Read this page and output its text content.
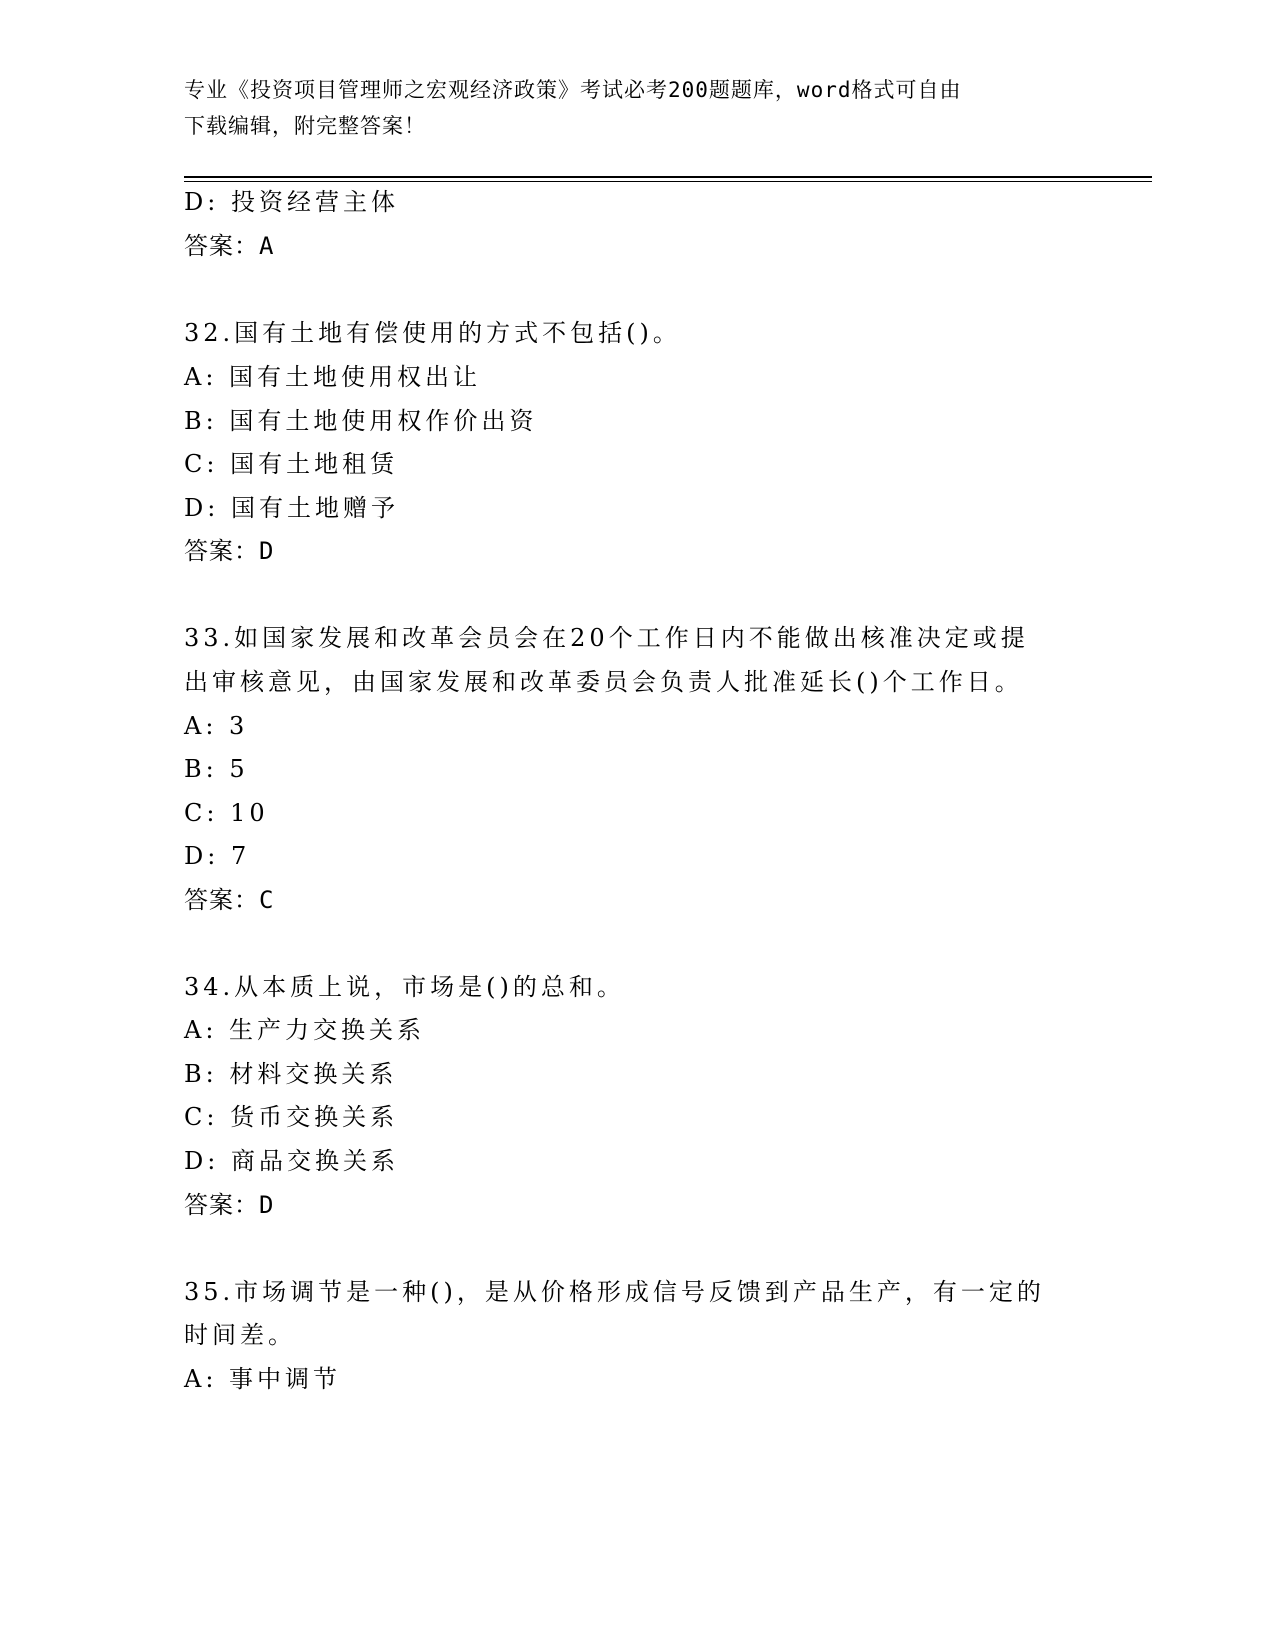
专业《投资项目管理师之宏观经济政策》考试必考200题题库，word格式可自由
下载编辑，附完整答案！
D: 投资经营主体
答案：A
32.国有土地有偿使用的方式不包括()。
A: 国有土地使用权出让
B: 国有土地使用权作价出资
C: 国有土地租赁
D: 国有土地赠予
答案：D
33.如国家发展和改革会员会在20个工作日内不能做出核准决定或提
出审核意见，由国家发展和改革委员会负责人批准延长()个工作日。
A: 3
B: 5
C: 10
D: 7
答案：C
34.从本质上说，市场是()的总和。
A: 生产力交换关系
B: 材料交换关系
C: 货币交换关系
D: 商品交换关系
答案：D
35.市场调节是一种()，是从价格形成信号反馈到产品生产，有一定的
时间差。
A: 事中调节
